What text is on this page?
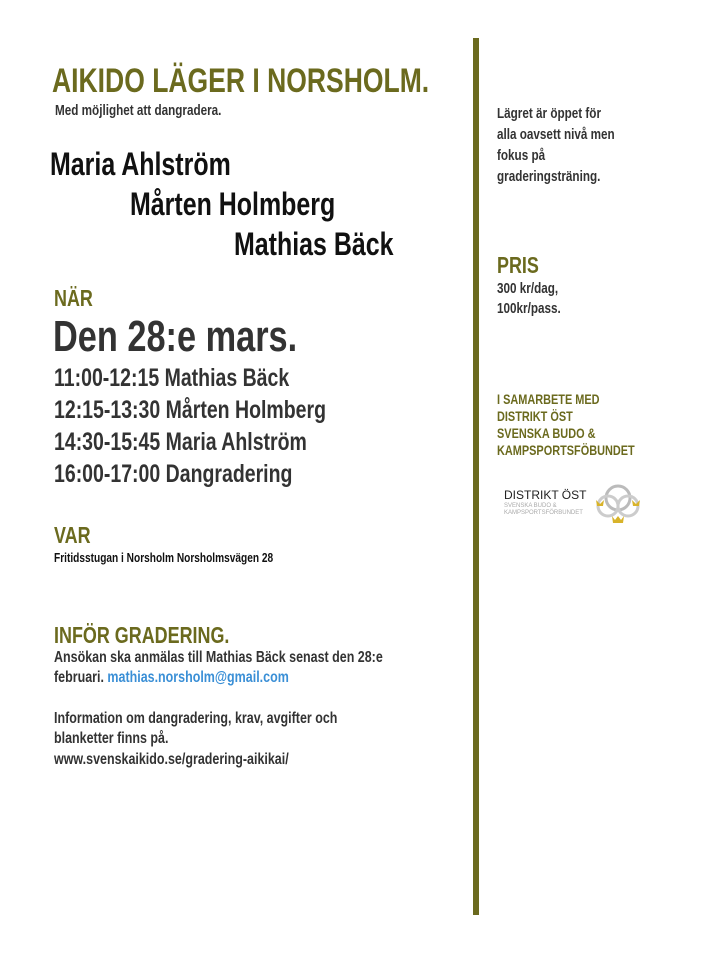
AIKIDO LÄGER I NORSHOLM.
Med möjlighet att dangradera.
Maria Ahlström
Mårten Holmberg
Mathias Bäck
NÄR
Den 28:e mars.
11:00-12:15 Mathias Bäck
12:15-13:30 Mårten Holmberg
14:30-15:45 Maria Ahlström
16:00-17:00 Dangradering
VAR
Fritidsstugan i Norsholm Norsholmsvägen 28
INFÖR GRADERING.
Ansökan ska anmälas till Mathias Bäck senast den 28:e
februari. mathias.norsholm@gmail.com
Information om dangradering, krav, avgifter och
blanketter finns på.
www.svenskaikido.se/gradering-aikikai/
Lägret är öppet för
alla oavsett nivå men
fokus på
graderingsträning.
PRIS
300 kr/dag,
100kr/pass.
I SAMARBETE MED
DISTRIKT ÖST
SVENSKA BUDO &
KAMPSPORTSFÖBUNDET
DISTRIKT ÖST
SVENSKA BUDO &
KAMPSPORTSFÖRBUNDET
